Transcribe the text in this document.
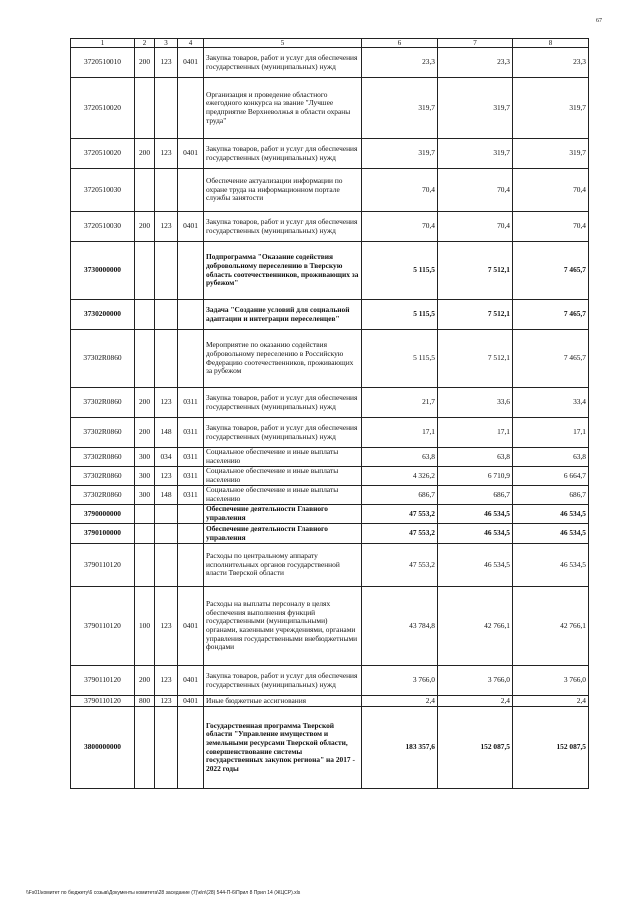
67
1	2	3	4	5	6	7	8
3720510010	200	123	0401	Закупка товаров, работ и услуг для обеспечения государственных (муниципальных) нужд	23,3	23,3	23,3
3720510020				Организация и проведение областного ежегодного конкурса на звание "Лучшее предприятие Верхневолжья в области охраны труда"	319,7	319,7	319,7
3720510020	200	123	0401	Закупка товаров, работ и услуг для обеспечения государственных (муниципальных) нужд	319,7	319,7	319,7
3720510030				Обеспечение актуализации информации по охране труда на информационном портале службы занятости	70,4	70,4	70,4
3720510030	200	123	0401	Закупка товаров, работ и услуг для обеспечения государственных (муниципальных) нужд	70,4	70,4	70,4
3730000000				Подпрограмма "Оказание содействия добровольному переселению в Тверскую область соотечественников, проживающих за рубежом"	5 115,5	7 512,1	7 465,7
3730200000				Задача "Создание условий для социальной адаптации и интеграции переселенцев"	5 115,5	7 512,1	7 465,7
37302R0860				Мероприятие по оказанию содействия добровольному переселению в Российскую Федерацию соотечественников, проживающих за рубежом	5 115,5	7 512,1	7 465,7
37302R0860	200	123	0311	Закупка товаров, работ и услуг для обеспечения государственных (муниципальных) нужд	21,7	33,6	33,4
37302R0860	200	148	0311	Закупка товаров, работ и услуг для обеспечения государственных (муниципальных) нужд	17,1	17,1	17,1
37302R0860	300	034	0311	Социальное обеспечение и иные выплаты населению	63,8	63,8	63,8
37302R0860	300	123	0311	Социальное обеспечение и иные выплаты населению	4 326,2	6 710,9	6 664,7
37302R0860	300	148	0311	Социальное обеспечение и иные выплаты населению	686,7	686,7	686,7
3790000000				Обеспечение деятельности Главного управления	47 553,2	46 534,5	46 534,5
3790100000				Обеспечение деятельности Главного управления	47 553,2	46 534,5	46 534,5
3790110120				Расходы по центральному аппарату исполнительных органов государственной власти Тверской области	47 553,2	46 534,5	46 534,5
3790110120	100	123	0401	Расходы на выплаты персоналу в целях обеспечения выполнения функций государственными (муниципальными) органами, казенными учреждениями, органами управления государственными внебюджетными фондами	43 784,8	42 766,1	42 766,1
3790110120	200	123	0401	Закупка товаров, работ и услуг для обеспечения государственных (муниципальных) нужд	3 766,0	3 766,0	3 766,0
3790110120	800	123	0401	Иные бюджетные ассигнования	2,4	2,4	2,4
3800000000				Государственная программа Тверской области "Управление имуществом и земельными ресурсами Тверской области, совершенствование системы государственных закупок региона" на 2017 - 2022 годы	183 357,6	152 087,5	152 087,5
\\Fs01\комитет по бюджету\6 созыв\Документы комитета\28 заседание (7)\к\п\(28) 544-П-6\Прил 8 Прил 14 (ЖЦСР).xls
